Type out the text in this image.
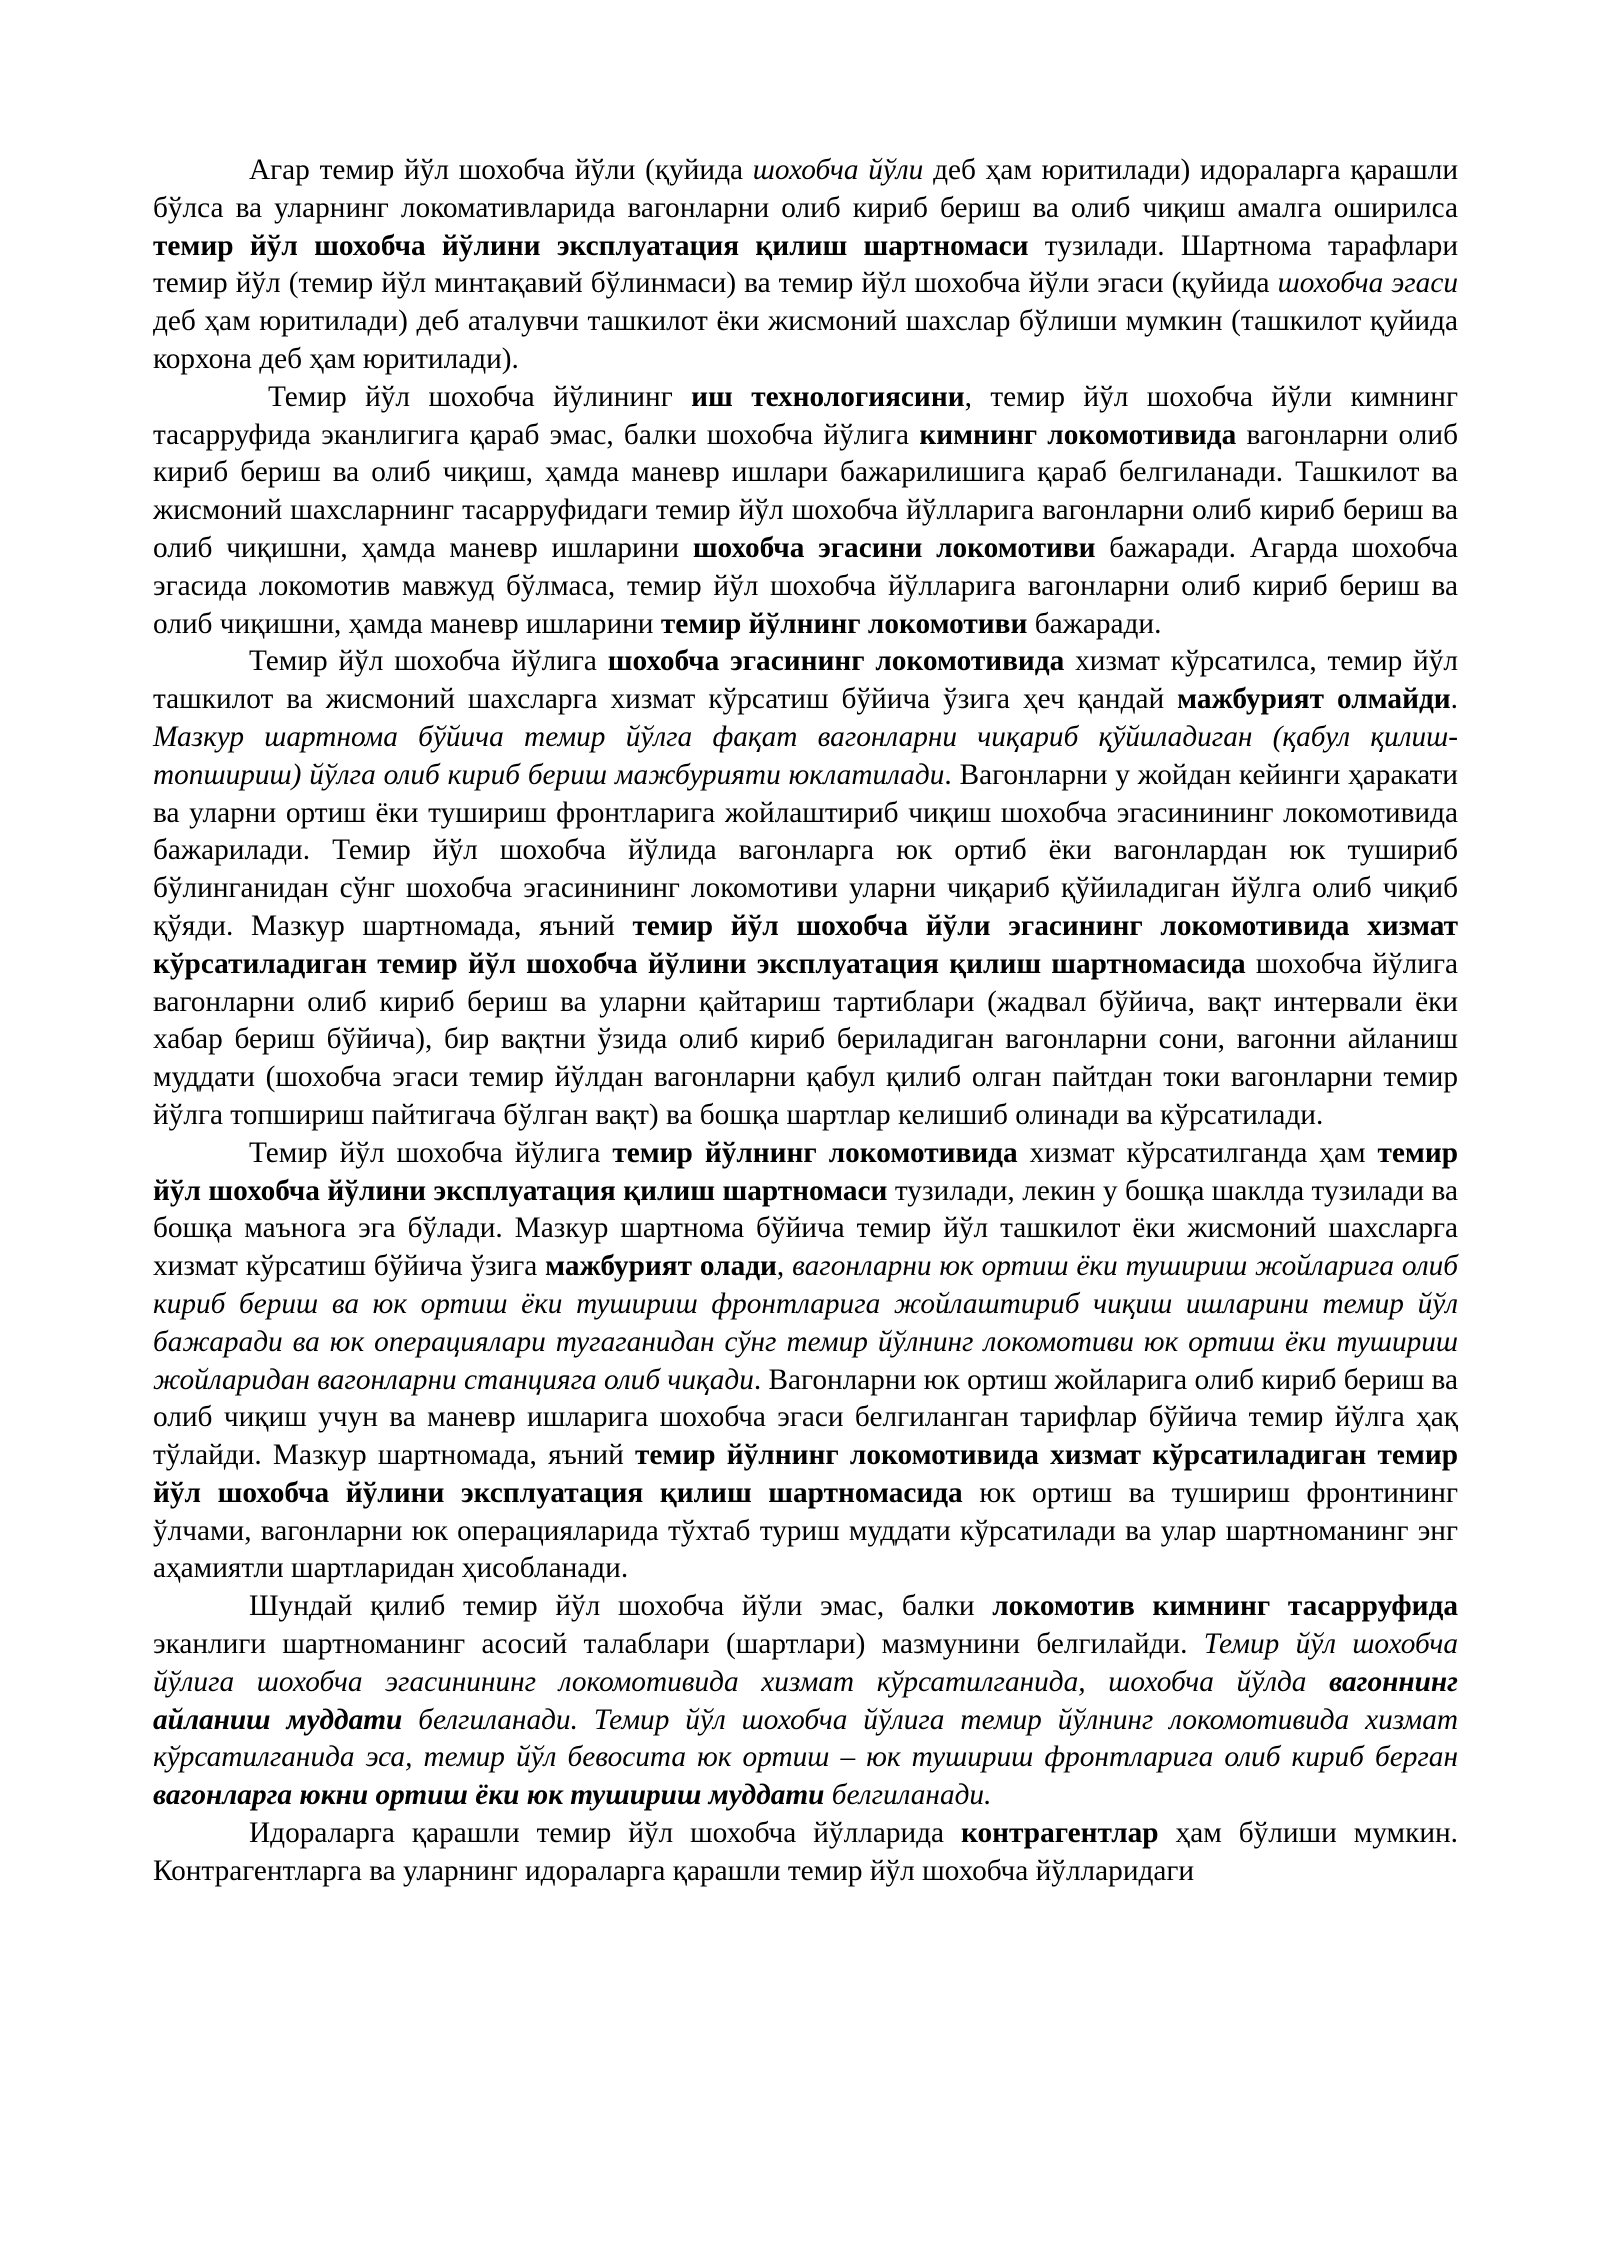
Агар темир йўл шохобча йўли (қуйида шохобча йўли деб ҳам юритилади) идораларга қарашли бўлса ва уларнинг локомативларида вагонларни олиб кириб бериш ва олиб чиқиш амалга оширилса темир йўл шохобча йўлини эксплуатация қилиш шартномаси тузилади. Шартнома тарафлари темир йўл (темир йўл минтақавий бўлинмаси) ва темир йўл шохобча йўли эгаси (қуйида шохобча эгаси деб ҳам юритилади) деб аталувчи ташкилот ёки жисмоний шахслар бўлиши мумкин (ташкилот қуйида корхона деб ҳам юритилади).

Темир йўл шохобча йўлининг иш технологиясини, темир йўл шохобча йўли кимнинг тасарруфида эканлигига қараб эмас, балки шохобча йўлига кимнинг локомотивида вагонларни олиб кириб бериш ва олиб чиқиш, ҳамда маневр ишлари бажарилишига қараб белгиланади. Ташкилот ва жисмоний шахсларнинг тасарруфидаги темир йўл шохобча йўлларига вагонларни олиб кириб бериш ва олиб чиқишни, ҳамда маневр ишларини шохобча эгасини локомотиви бажаради. Агарда шохобча эгасида локомотив мавжуд бўлмаса, темир йўл шохобча йўлларига вагонларни олиб кириб бериш ва олиб чиқишни, ҳамда маневр ишларини темир йўлнинг локомотиви бажаради.

Темир йўл шохобча йўлига шохобча эгасининг локомотивида хизмат кўрсатилса, темир йўл ташкилот ва жисмоний шахсларга хизмат кўрсатиш бўйича ўзига ҳеч қандай мажбурият олмайди. Мазкур шартнома бўйича темир йўлга фақат вагонларни чиқариб қўйиладиган (қабул қилиш-топшириш) йўлга олиб кириб бериш мажбурияти юклатилади. Вагонларни у жойдан кейинги ҳаракати ва уларни ортиш ёки тушириш фронтларига жойлаштириб чиқиш шохобча эгасинининг локомотивида бажарилади. Темир йўл шохобча йўлида вагонларга юк ортиб ёки вагонлардан юк тушириб бўлинганидан сўнг шохобча эгасинининг локомотиви уларни чиқариб қўйиладиган йўлга олиб чиқиб қўяди. Мазкур шартномада, яъний темир йўл шохобча йўли эгасининг локомотивида хизмат кўрсатиладиган темир йўл шохобча йўлини эксплуатация қилиш шартномасида шохобча йўлига вагонларни олиб кириб бериш ва уларни қайтариш тартиблари (жадвал бўйича, вақт интервали ёки хабар бериш бўйича), бир вақтни ўзида олиб кириб бериладиган вагонларни сони, вагонни айланиш муддати (шохобча эгаси темир йўлдан вагонларни қабул қилиб олган пайтдан токи вагонларни темир йўлга топшириш пайтигача бўлган вақт) ва бошқа шартлар келишиб олинади ва кўрсатилади.

Темир йўл шохобча йўлига темир йўлнинг локомотивида хизмат кўрсатилганда ҳам темир йўл шохобча йўлини эксплуатация қилиш шартномаси тузилади, лекин у бошқа шаклда тузилади ва бошқа маънога эга бўлади. Мазкур шартнома бўйича темир йўл ташкилот ёки жисмоний шахсларга хизмат кўрсатиш бўйича ўзига мажбурият олади, вагонларни юк ортиш ёки тушириш жойларига олиб кириб бериш ва юк ортиш ёки тушириш фронтларига жойлаштириб чиқиш ишларини темир йўл бажаради ва юк операциялари тугаганидан сўнг темир йўлнинг локомотиви юк ортиш ёки тушириш жойларидан вагонларни станцияга олиб чиқади. Вагонларни юк ортиш жойларига олиб кириб бериш ва олиб чиқиш учун ва маневр ишларига шохобча эгаси белгиланган тарифлар бўйича темир йўлга ҳақ тўлайди. Мазкур шартномада, яъний темир йўлнинг локомотивида хизмат кўрсатиладиган темир йўл шохобча йўлини эксплуатация қилиш шартномасида юк ортиш ва тушириш фронтининг ўлчами, вагонларни юк операцияларида тўхтаб туриш муддати кўрсатилади ва улар шартноманинг энг аҳамиятли шартларидан ҳисобланади.

Шундай қилиб темир йўл шохобча йўли эмас, балки локомотив кимнинг тасарруфида эканлиги шартноманинг асосий талаблари (шартлари) мазмунини белгилайди. Темир йўл шохобча йўлига шохобча эгасинининг локомотивида хизмат кўрсатилганида, шохобча йўлда вагоннинг айланиш муддати белгиланади. Темир йўл шохобча йўлига темир йўлнинг локомотивида хизмат кўрсатилганида эса, темир йўл бевосита юк ортиш – юк тушириш фронтларига олиб кириб берган вагонларга юкни ортиш ёки юк тушириш муддати белгиланади.

Идораларга қарашли темир йўл шохобча йўлларида контрагентлар ҳам бўлиши мумкин. Контрагентларга ва уларнинг идораларга қарашли темир йўл шохобча йўлларидаги
